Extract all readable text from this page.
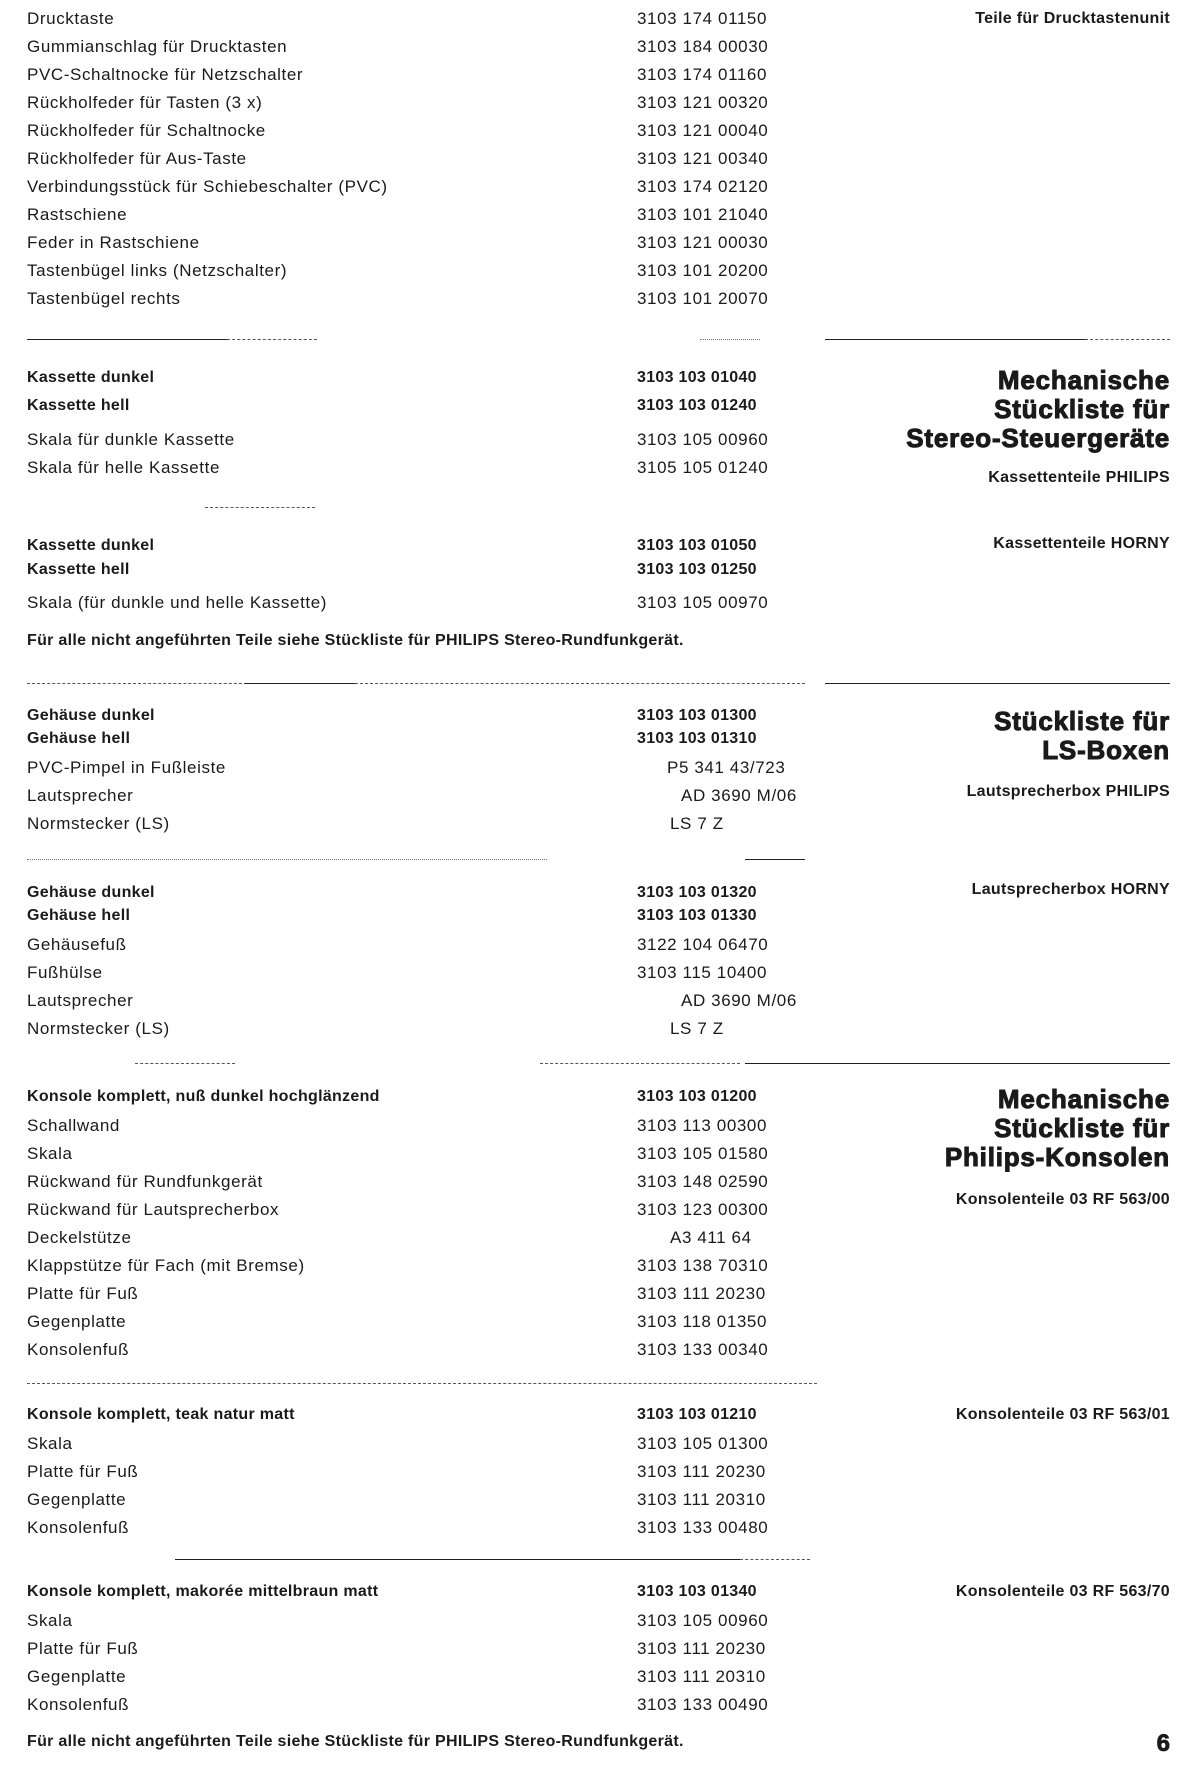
Drucktaste	3103 174 01150
Gummianschlag für Drucktasten	3103 184 00030
PVC-Schaltnocke für Netzschalter	3103 174 01160
Rückholfeder für Tasten (3 x)	3103 121 00320
Rückholfeder für Schaltnocke	3103 121 00040
Rückholfeder für Aus-Taste	3103 121 00340
Verbindungsstück für Schiebeschalter (PVC)	3103 174 02120
Rastschiene	3103 101 21040
Feder in Rastschiene	3103 121 00030
Tastenbügel links (Netzschalter)	3103 101 20200
Tastenbügel rechts	3103 101 20070
Teile für Drucktastenunit
Kassette dunkel	3103 103 01040
Kassette hell	3103 103 01240
Skala für dunkle Kassette	3103 105 00960
Skala für helle Kassette	3105 105 01240
Mechanische
Stückliste für
Stereo-Steuergeräte
Kassettenteile PHILIPS
Kassette dunkel	3103 103 01050
Kassette hell	3103 103 01250
Skala (für dunkle und helle Kassette)	3103 105 00970
Kassettenteile HORNY
Für alle nicht angeführten Teile siehe Stückliste für PHILIPS Stereo-Rundfunkgerät.
Gehäuse dunkel	3103 103 01300
Gehäuse hell	3103 103 01310
PVC-Pimpel in Fußleiste	P5 341 43/723
Lautsprecher	AD 3690 M/06
Normstecker (LS)	LS 7 Z
Stückliste für
LS-Boxen
Lautsprecherbox PHILIPS
Gehäuse dunkel	3103 103 01320
Gehäuse hell	3103 103 01330
Gehäusefuß	3122 104 06470
Fußhülse	3103 115 10400
Lautsprecher	AD 3690 M/06
Normstecker (LS)	LS 7 Z
Lautsprecherbox HORNY
Konsole komplett, nuß dunkel hochglänzend	3103 103 01200
Schallwand	3103 113 00300
Skala	3103 105 01580
Rückwand für Rundfunkgerät	3103 148 02590
Rückwand für Lautsprecherbox	3103 123 00300
Deckelstütze	A3 411 64
Klappstütze für Fach (mit Bremse)	3103 138 70310
Platte für Fuß	3103 111 20230
Gegenplatte	3103 118 01350
Konsolenfuß	3103 133 00340
Mechanische
Stückliste für
Philips-Konsolen
Konsolenteile 03 RF 563/00
Konsole komplett, teak natur matt	3103 103 01210
Skala	3103 105 01300
Platte für Fuß	3103 111 20230
Gegenplatte	3103 111 20310
Konsolenfuß	3103 133 00480
Konsolenteile 03 RF 563/01
Konsole komplett, makorée mittelbraun matt	3103 103 01340
Skala	3103 105 00960
Platte für Fuß	3103 111 20230
Gegenplatte	3103 111 20310
Konsolenfuß	3103 133 00490
Konsolenteile 03 RF 563/70
Für alle nicht angeführten Teile siehe Stückliste für PHILIPS Stereo-Rundfunkgerät.	6
